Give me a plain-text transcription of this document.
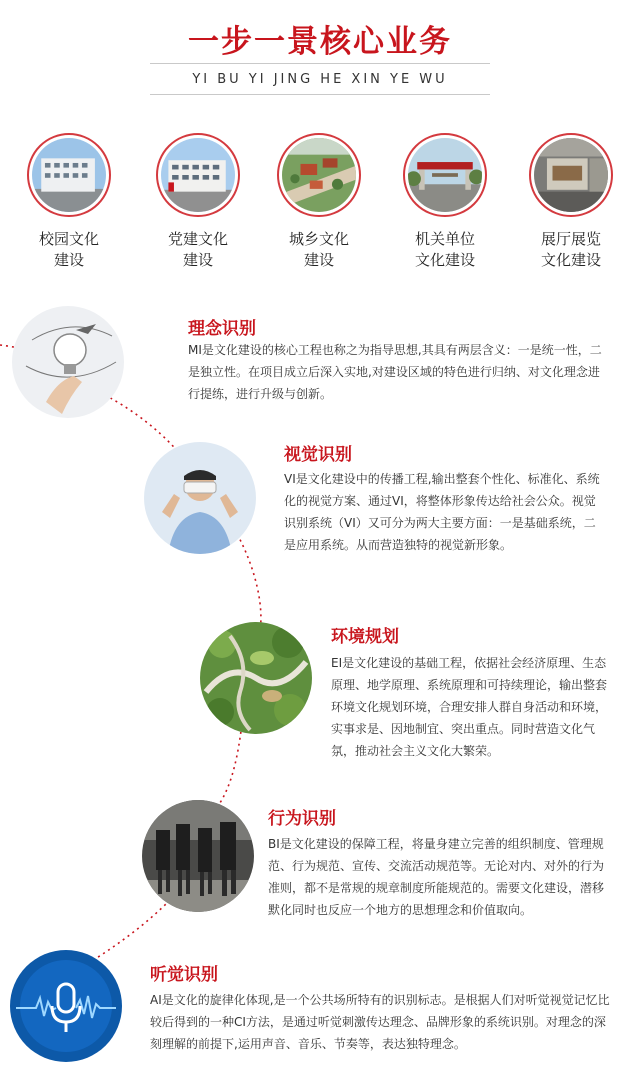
一步一景核心业务
YI BU YI JING HE XIN YE WU
校园文化
建设
党建文化
建设
城乡文化
建设
机关单位
文化建设
展厅展览
文化建设
理念识别
MI是文化建设的核心工程也称之为指导思想,其具有两层含义：一是统一性，二是独立性。在项目成立后深入实地,对建设区域的特色进行归纳、对文化理念进行提练，进行升级与创新。
视觉识别
VI是文化建设中的传播工程,输出整套个性化、标准化、系统化的视觉方案、通过VI，将整体形象传达给社会公众。视觉识别系统（VI）又可分为两大主要方面：一是基础系统，二是应用系统。从而营造独特的视觉新形象。
环境规划
EI是文化建设的基础工程，依据社会经济原理、生态原理、地学原理、系统原理和可持续理论，输出整套环境文化规划环境，合理安排人群自身活动和环境，实事求是、因地制宜、突出重点。同时营造文化气氛，推动社会主义文化大繁荣。
行为识别
BI是文化建设的保障工程，将量身建立完善的组织制度、管理规范、行为规范、宣传、交流活动规范等。无论对内、对外的行为准则，都不是常规的规章制度所能规范的。需要文化建设，潜移默化同时也反应一个地方的思想理念和价值取向。
听觉识别
AI是文化的旋律化体现,是一个公共场所特有的识别标志。是根据人们对听觉视觉记忆比较后得到的一种CI方法，是通过听觉刺激传达理念、品牌形象的系统识别。对理念的深刻理解的前提下,运用声音、音乐、节奏等，表达独特理念。
